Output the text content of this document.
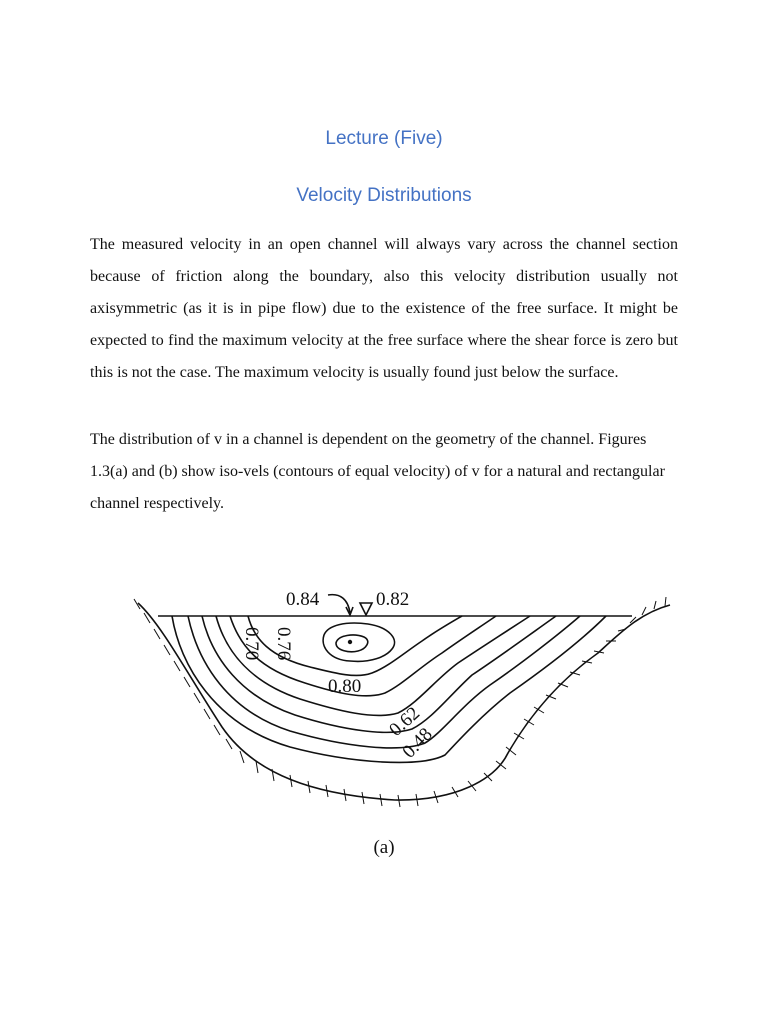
Lecture (Five)
Velocity Distributions

The measured velocity in an open channel will always vary across the channel section because of friction along the boundary, also this velocity distribution usually not axisymmetric (as it is in pipe flow) due to the existence of the free surface. It might be expected to find the maximum velocity at the free surface where the shear force is zero but this is not the case. The maximum velocity is usually found just below the surface.

The distribution of v in a channel is dependent on the geometry of the channel. Figures 1.3(a) and (b) show iso-vels (contours of equal velocity) of v for a natural and rectangular channel respectively.

0.84	0.82
0.70 0.76
0.80
0.62
0.48

(a)
